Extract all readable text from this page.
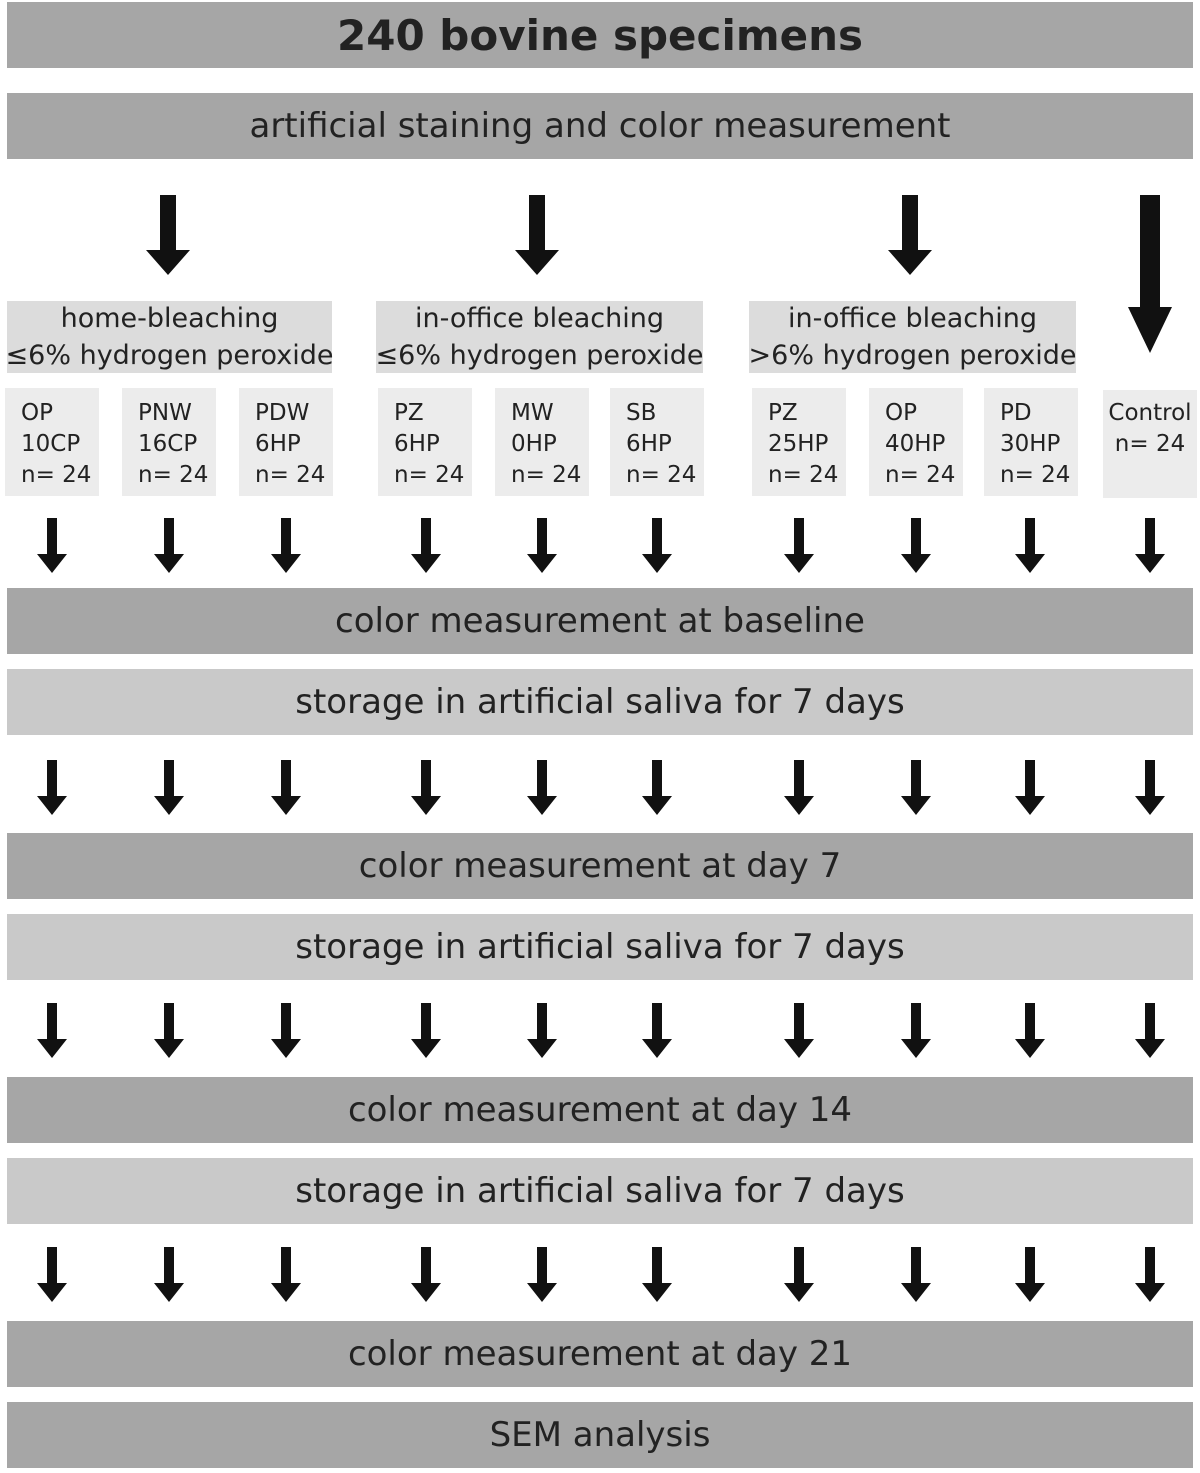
240 bovine specimens
artificial staining and color measurement
home-bleaching
≤6% hydrogen peroxide
in-office bleaching
≤6% hydrogen peroxide
in-office bleaching
>6% hydrogen peroxide
OP
10CP
n= 24
PNW
16CP
n= 24
PDW
6HP
n= 24
PZ
6HP
n= 24
MW
0HP
n= 24
SB
6HP
n= 24
PZ
25HP
n= 24
OP
40HP
n= 24
PD
30HP
n= 24
Control
n= 24
color measurement at baseline
storage in artificial saliva for 7 days
color measurement at day 7
storage in artificial saliva for 7 days
color measurement at day 14
storage in artificial saliva for 7 days
color measurement at day 21
SEM analysis
